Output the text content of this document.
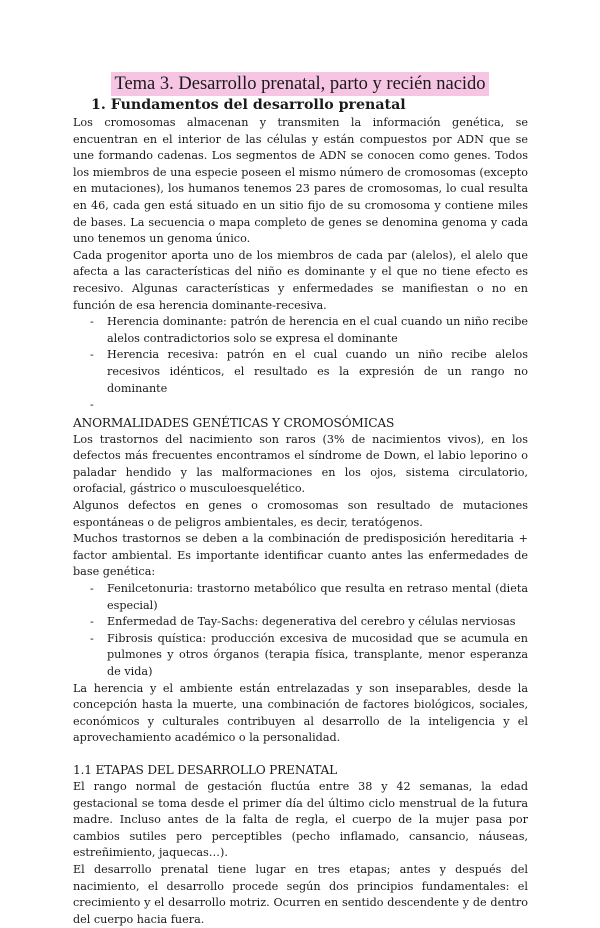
Tema 3. Desarrollo prenatal, parto y recién nacido
1. Fundamentos del desarrollo prenatal

Los cromosomas almacenan y transmiten la información genética, se encuentran en el interior de las células y están compuestos por ADN que se une formando cadenas. Los segmentos de ADN se conocen como genes. Todos los miembros de una especie poseen el mismo número de cromosomas (excepto en mutaciones), los humanos tenemos 23 pares de cromosomas, lo cual resulta en 46, cada gen está situado en un sitio fijo de su cromosoma y contiene miles de bases. La secuencia o mapa completo de genes se denomina genoma y cada uno tenemos un genoma único.

Cada progenitor aporta uno de los miembros de cada par (alelos), el alelo que afecta a las características del niño es dominante y el que no tiene efecto es recesivo. Algunas características y enfermedades se manifiestan o no en función de esa herencia dominante-recesiva.

- Herencia dominante: patrón de herencia en el cual cuando un niño recibe alelos contradictorios solo se expresa el dominante
- Herencia recesiva: patrón en el cual cuando un niño recibe alelos recesivos idénticos, el resultado es la expresión de un rango no dominante
-

ANORMALIDADES GENÉTICAS Y CROMOSÓMICAS

Los trastornos del nacimiento son raros (3% de nacimientos vivos), en los defectos más frecuentes encontramos el síndrome de Down, el labio leporino o paladar hendido y las malformaciones en los ojos, sistema circulatorio, orofacial, gástrico o musculoesquelético.

Algunos defectos en genes o cromosomas son resultado de mutaciones espontáneas o de peligros ambientales, es decir, teratógenos.

Muchos trastornos se deben a la combinación de predisposición hereditaria + factor ambiental. Es importante identificar cuanto antes las enfermedades de base genética:

- Fenilcetonuria: trastorno metabólico que resulta en retraso mental (dieta especial)
- Enfermedad de Tay-Sachs: degenerativa del cerebro y células nerviosas
- Fibrosis quística: producción excesiva de mucosidad que se acumula en pulmones y otros órganos (terapia física, transplante, menor esperanza de vida)

La herencia y el ambiente están entrelazadas y son inseparables, desde la concepción hasta la muerte, una combinación de factores biológicos, sociales, económicos y culturales contribuyen al desarrollo de la inteligencia y el aprovechamiento académico o la personalidad.

1.1 ETAPAS DEL DESARROLLO PRENATAL

El rango normal de gestación fluctúa entre 38 y 42 semanas, la edad gestacional se toma desde el primer día del último ciclo menstrual de la futura madre. Incluso antes de la falta de regla, el cuerpo de la mujer pasa por cambios sutiles pero perceptibles (pecho inflamado, cansancio, náuseas, estreñimiento, jaquecas…).

El desarrollo prenatal tiene lugar en tres etapas; antes y después del nacimiento, el desarrollo procede según dos principios fundamentales: el crecimiento y el desarrollo motriz. Ocurren en sentido descendente y de dentro del cuerpo hacia fuera.
